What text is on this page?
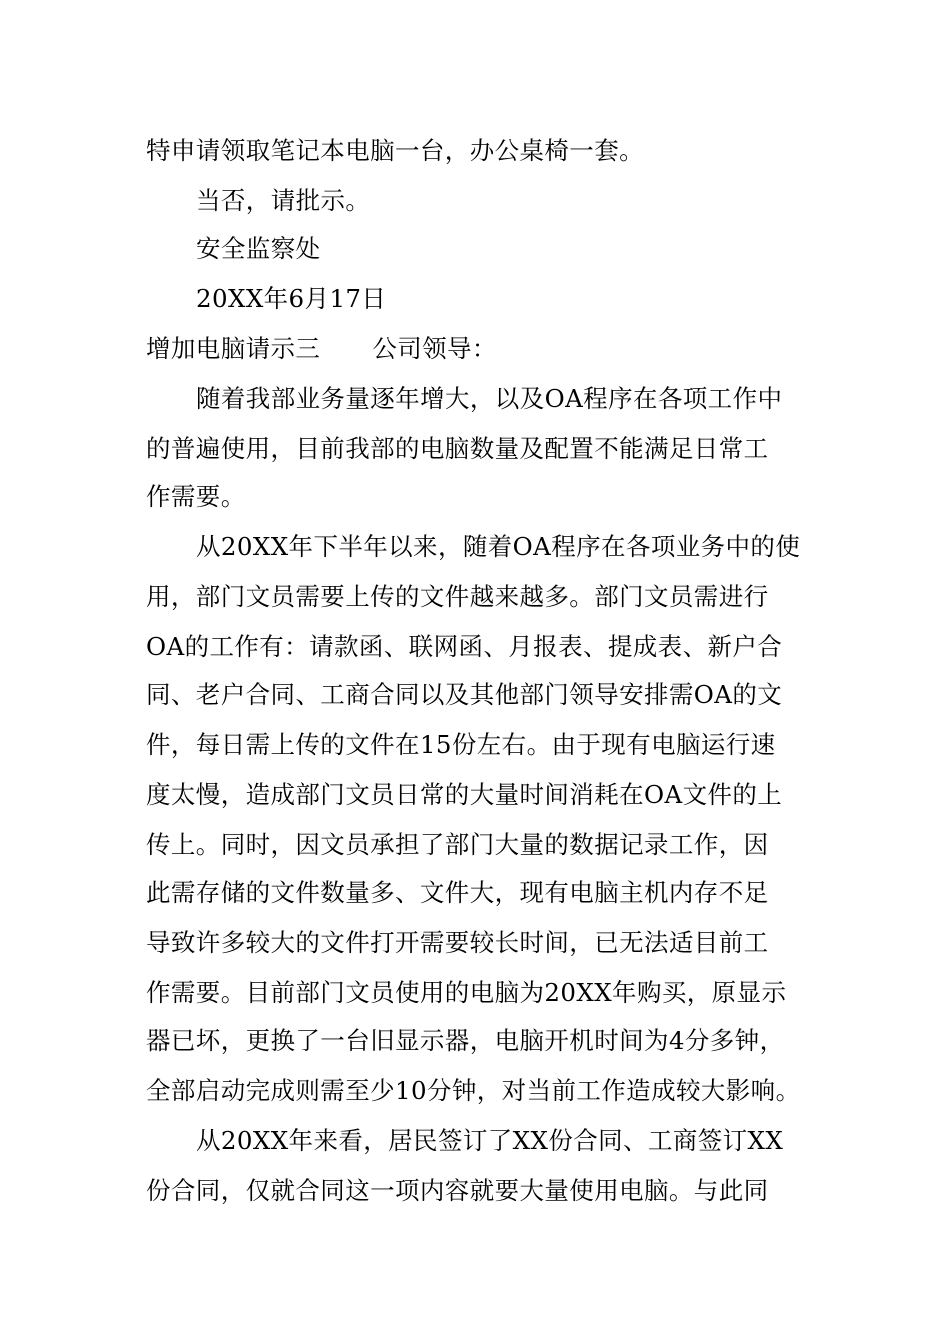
特申请领取笔记本电脑一台，办公桌椅一套。
当否，请批示。
安全监察处
20XX年6月17日
增加电脑请示三 公司领导：
随着我部业务量逐年增大，以及OA程序在各项工作中
的普遍使用，目前我部的电脑数量及配置不能满足日常工
作需要。
从20XX年下半年以来，随着OA程序在各项业务中的使
用，部门文员需要上传的文件越来越多。部门文员需进行
OA的工作有：请款函、联网函、月报表、提成表、新户合
同、老户合同、工商合同以及其他部门领导安排需OA的文
件，每日需上传的文件在15份左右。由于现有电脑运行速
度太慢，造成部门文员日常的大量时间消耗在OA文件的上
传上。同时，因文员承担了部门大量的数据记录工作，因
此需存储的文件数量多、文件大，现有电脑主机内存不足
导致许多较大的文件打开需要较长时间，已无法适目前工
作需要。目前部门文员使用的电脑为20XX年购买，原显示
器已坏，更换了一台旧显示器，电脑开机时间为4分多钟，
全部启动完成则需至少10分钟，对当前工作造成较大影响。
从20XX年来看，居民签订了XX份合同、工商签订XX
份合同，仅就合同这一项内容就要大量使用电脑。与此同
